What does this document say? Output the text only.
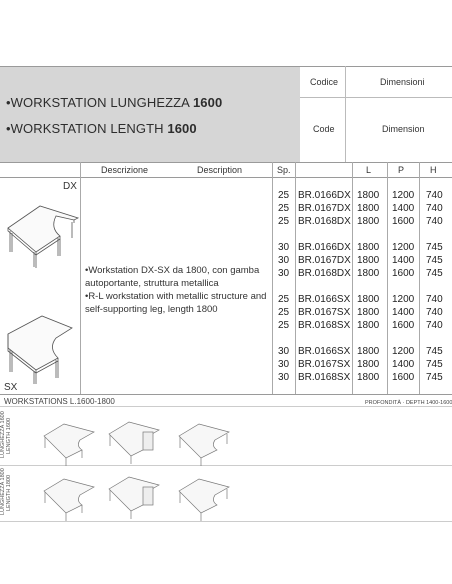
•WORKSTATION LUNGHEZZA 1600
•WORKSTATION LENGTH 1600
Codice
Code
Dimensioni
Dimension
Descrizione	Description	Sp.	L	P	H
DX
SX
•Workstation DX-SX da 1800, con gamba autoportante, struttura metallica
•R-L workstation with metallic structure and self-supporting leg, length 1800
25 BR.0166DX 1800 1200 740
25 BR.0167DX 1800 1400 740
25 BR.0168DX 1800 1600 740
30 BR.0166DX 1800 1200 745
30 BR.0167DX 1800 1400 745
30 BR.0168DX 1800 1600 745
25 BR.0166SX 1800 1200 740
25 BR.0167SX 1800 1400 740
25 BR.0168SX 1800 1600 740
30 BR.0166SX 1800 1200 745
30 BR.0167SX 1800 1400 745
30 BR.0168SX 1800 1600 745
WORKSTATIONS L.1600-1800	PROFONDITÀ · DEPTH 1400-1600
LUNGHEZZA 1600 LENGTH 1600
LUNGHEZZA 1800 LENGTH 1800
